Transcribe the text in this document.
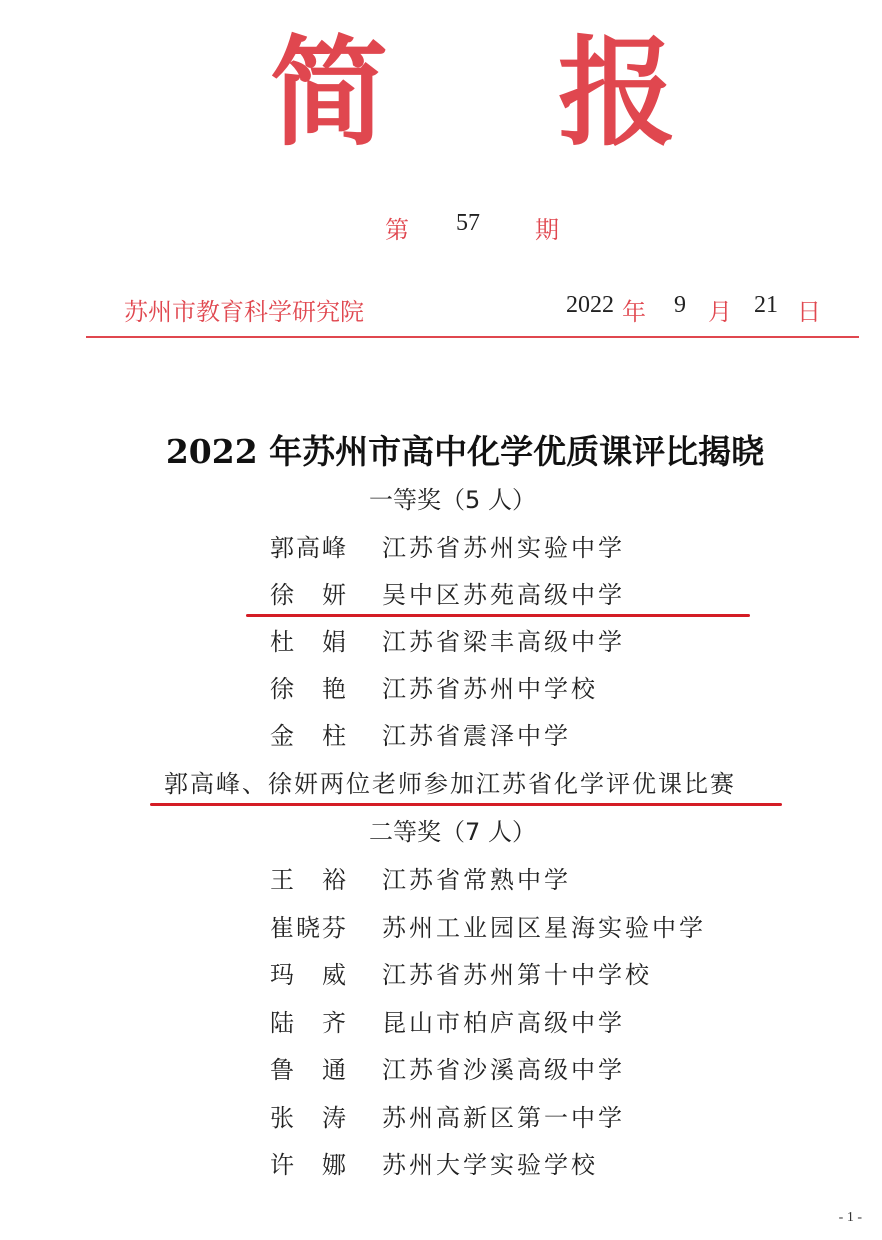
简 报
第 57 期
苏州市教育科学研究院	2022 年 9 月 21 日
2022 年苏州市高中化学优质课评比揭晓
一等奖（5 人）
郭高峰 江苏省苏州实验中学
徐　妍 吴中区苏苑高级中学
杜　娟 江苏省梁丰高级中学
徐　艳 江苏省苏州中学校
金　柱 江苏省震泽中学
郭高峰、徐妍两位老师参加江苏省化学评优课比赛
二等奖（7 人）
王　裕 江苏省常熟中学
崔晓芬 苏州工业园区星海实验中学
玛　威 江苏省苏州第十中学校
陆　齐 昆山市柏庐高级中学
鲁　通 江苏省沙溪高级中学
张　涛 苏州高新区第一中学
许　娜 苏州大学实验学校
- 1 -
